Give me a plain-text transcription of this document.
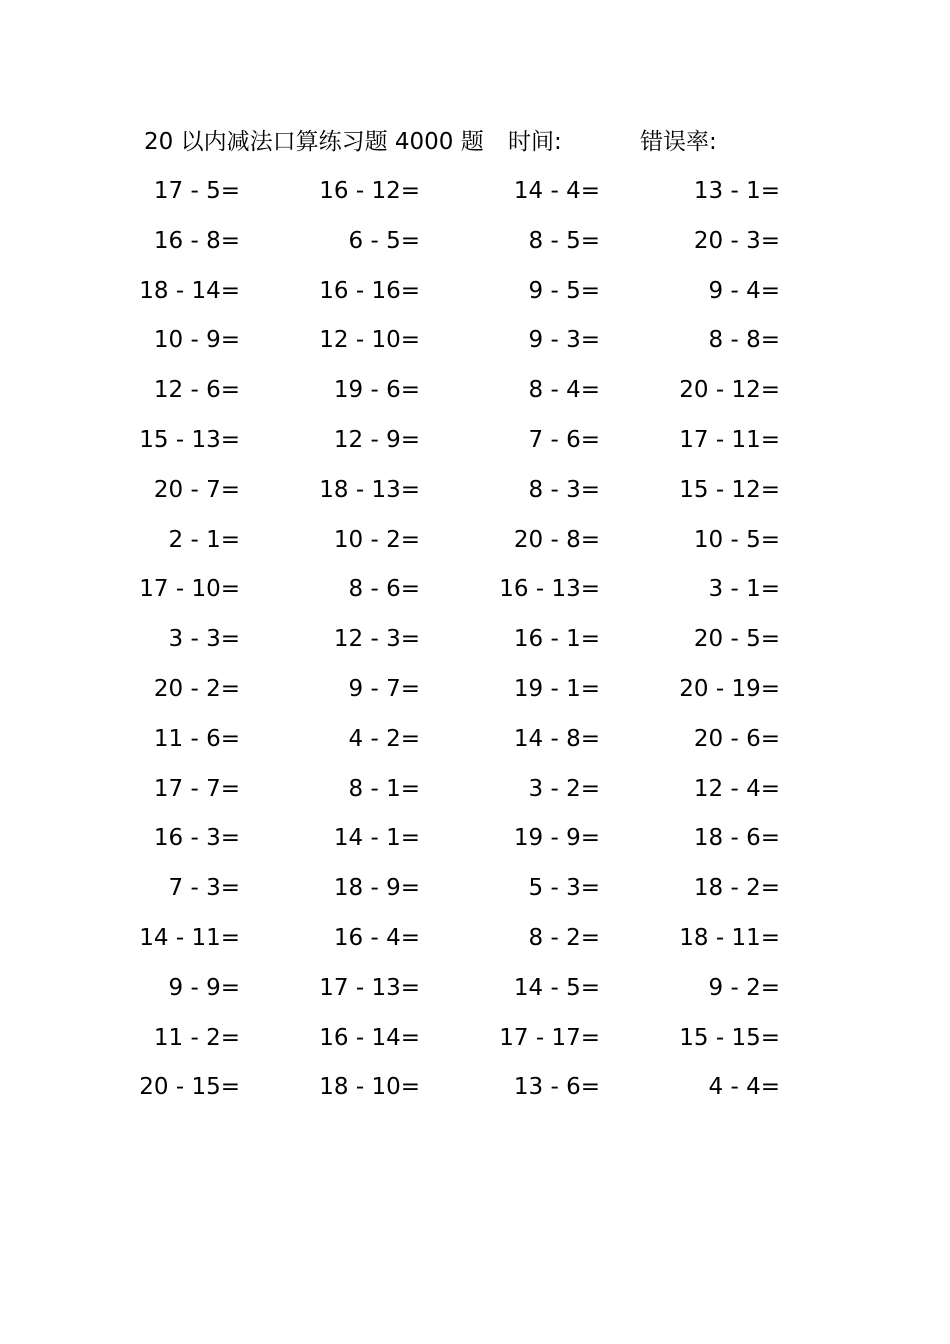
20 以内减法口算练习题 4000 题 时间:	错误率:
17 - 5=	16 - 12=	14 - 4=	13 - 1=
16 - 8=	6 - 5=	8 - 5=	20 - 3=
18 - 14=	16 - 16=	9 - 5=	9 - 4=
10 - 9=	12 - 10=	9 - 3=	8 - 8=
12 - 6=	19 - 6=	8 - 4=	20 - 12=
15 - 13=	12 - 9=	7 - 6=	17 - 11=
20 - 7=	18 - 13=	8 - 3=	15 - 12=
2 - 1=	10 - 2=	20 - 8=	10 - 5=
17 - 10=	8 - 6=	16 - 13=	3 - 1=
3 - 3=	12 - 3=	16 - 1=	20 - 5=
20 - 2=	9 - 7=	19 - 1=	20 - 19=
11 - 6=	4 - 2=	14 - 8=	20 - 6=
17 - 7=	8 - 1=	3 - 2=	12 - 4=
16 - 3=	14 - 1=	19 - 9=	18 - 6=
7 - 3=	18 - 9=	5 - 3=	18 - 2=
14 - 11=	16 - 4=	8 - 2=	18 - 11=
9 - 9=	17 - 13=	14 - 5=	9 - 2=
11 - 2=	16 - 14=	17 - 17=	15 - 15=
20 - 15=	18 - 10=	13 - 6=	4 - 4=
